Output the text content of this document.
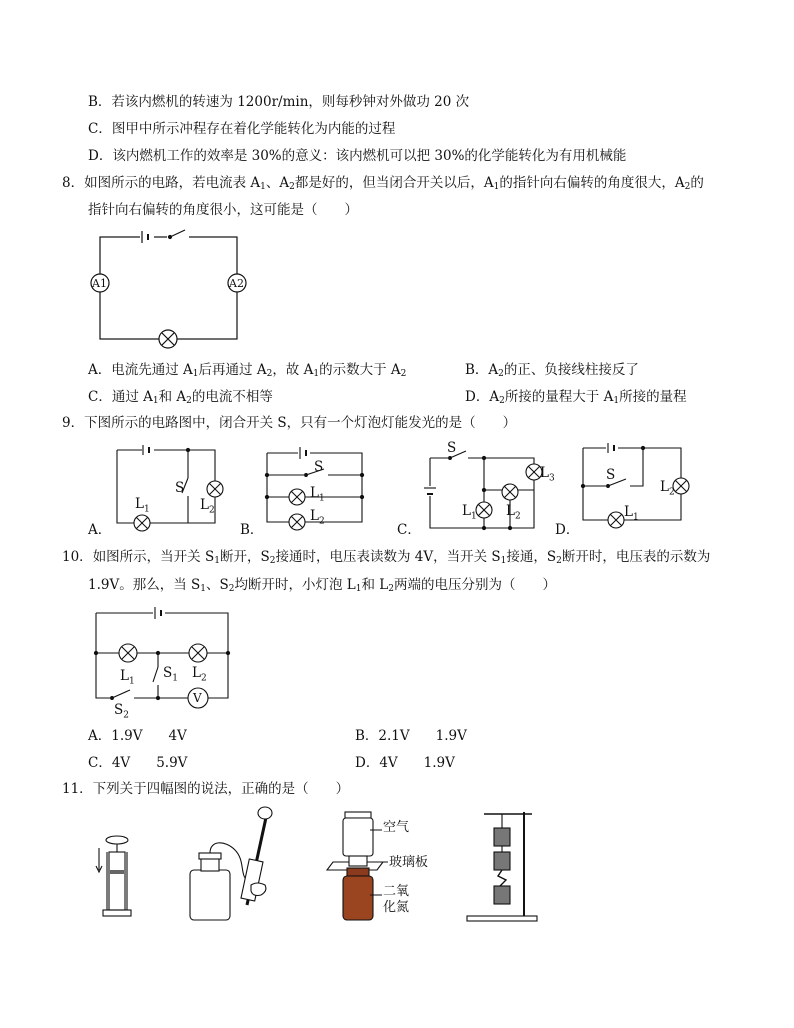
B．若该内燃机的转速为 1200r/min，则每秒钟对外做功 20 次
C．图甲中所示冲程存在着化学能转化为内能的过程
D．该内燃机工作的效率是 30%的意义：该内燃机可以把 30%的化学能转化为有用机械能
8．如图所示的电路，若电流表 $A_1$、$A_2$都是好的，但当闭合开关以后，$A_1$的指针向右偏转的角度很大，$A_2$的
指针向右偏转的角度很小，这可能是（　　）
A1	A2
A．电流先通过 $A_1$后再通过 $A_2$，故 $A_1$的示数大于 $A_2$	B．$A_2$的正、负接线柱接反了
C．通过 $A_1$和 $A_2$的电流不相等	D．$A_2$所接的量程大于 $A_1$所接的量程
9．下图所示的电路图中，闭合开关 S，只有一个灯泡灯能发光的是（　　）
S
$L_2$
$L_1$
A．
S
$L_1$
$L_2$
B．
S
$L_3$
$L_2$
$L_1$
C．
S
$L_2$
$L_1$
D．
10．如图所示，当开关 $S_1$断开，$S_2$接通时，电压表读数为 4V，当开关 $S_1$接通，$S_2$断开时，电压表的示数为
1.9V。那么，当 $S_1$、$S_2$均断开时，小灯泡 $L_1$和 $L_2$两端的电压分别为（　　）
V
$L_1$
$S_1$ $L_2$
$S_2$
A．1.9V 4V	B．2.1V 1.9V
C．4V 5.9V	D．4V 1.9V
11．下列关于四幅图的说法，正确的是（　　）
空气
玻璃板
二氧
化氮
